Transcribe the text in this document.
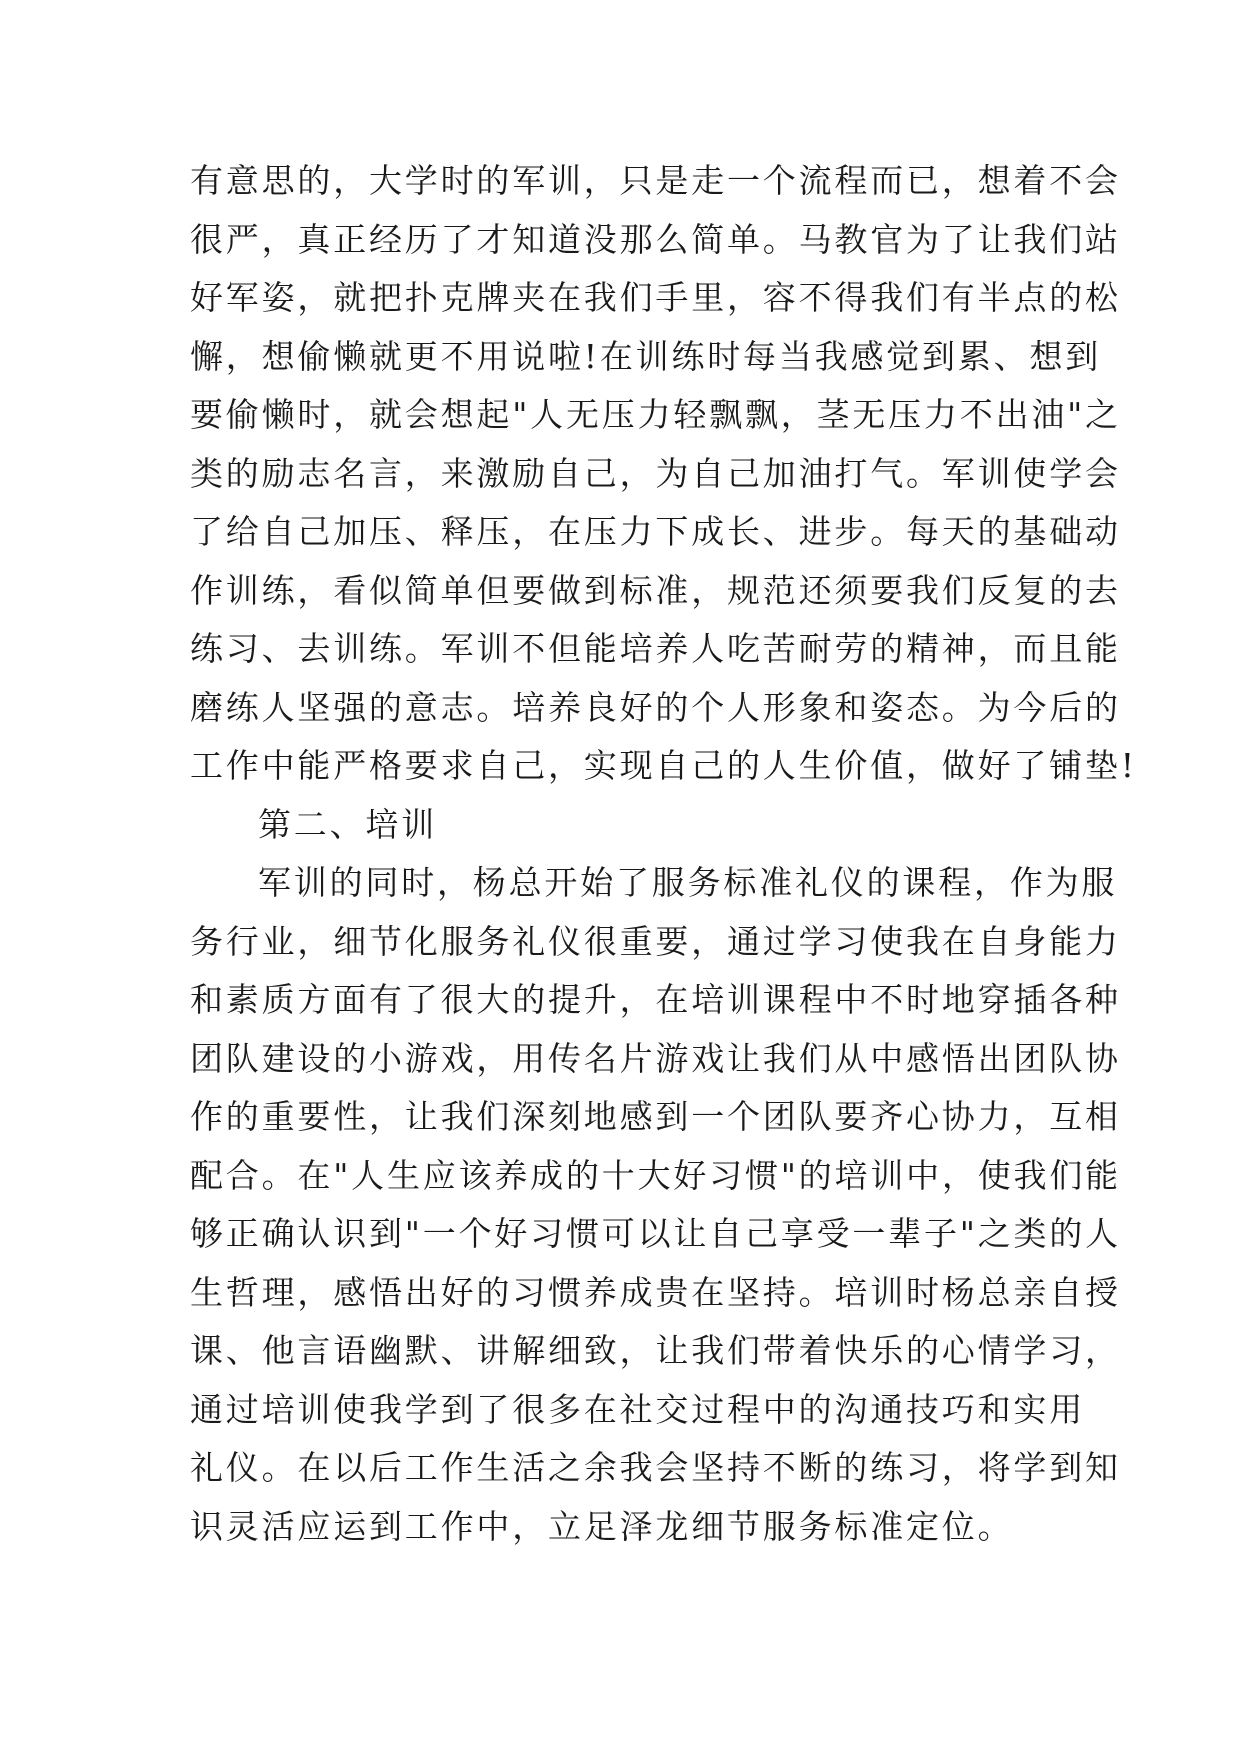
有意思的，大学时的军训，只是走一个流程而已，想着不会
很严，真正经历了才知道没那么简单。马教官为了让我们站
好军姿，就把扑克牌夹在我们手里，容不得我们有半点的松
懈，想偷懒就更不用说啦!在训练时每当我感觉到累、想到
要偷懒时，就会想起"人无压力轻飘飘，茎无压力不出油"之
类的励志名言，来激励自己，为自己加油打气。军训使学会
了给自己加压、释压，在压力下成长、进步。每天的基础动
作训练，看似简单但要做到标准，规范还须要我们反复的去
练习、去训练。军训不但能培养人吃苦耐劳的精神，而且能
磨练人坚强的意志。培养良好的个人形象和姿态。为今后的
工作中能严格要求自己，实现自己的人生价值，做好了铺垫!
第二、培训
军训的同时，杨总开始了服务标准礼仪的课程，作为服
务行业，细节化服务礼仪很重要，通过学习使我在自身能力
和素质方面有了很大的提升，在培训课程中不时地穿插各种
团队建设的小游戏，用传名片游戏让我们从中感悟出团队协
作的重要性，让我们深刻地感到一个团队要齐心协力，互相
配合。在"人生应该养成的十大好习惯"的培训中，使我们能
够正确认识到"一个好习惯可以让自己享受一辈子"之类的人
生哲理，感悟出好的习惯养成贵在坚持。培训时杨总亲自授
课、他言语幽默、讲解细致，让我们带着快乐的心情学习，
通过培训使我学到了很多在社交过程中的沟通技巧和实用
礼仪。在以后工作生活之余我会坚持不断的练习，将学到知
识灵活应运到工作中，立足泽龙细节服务标准定位。
